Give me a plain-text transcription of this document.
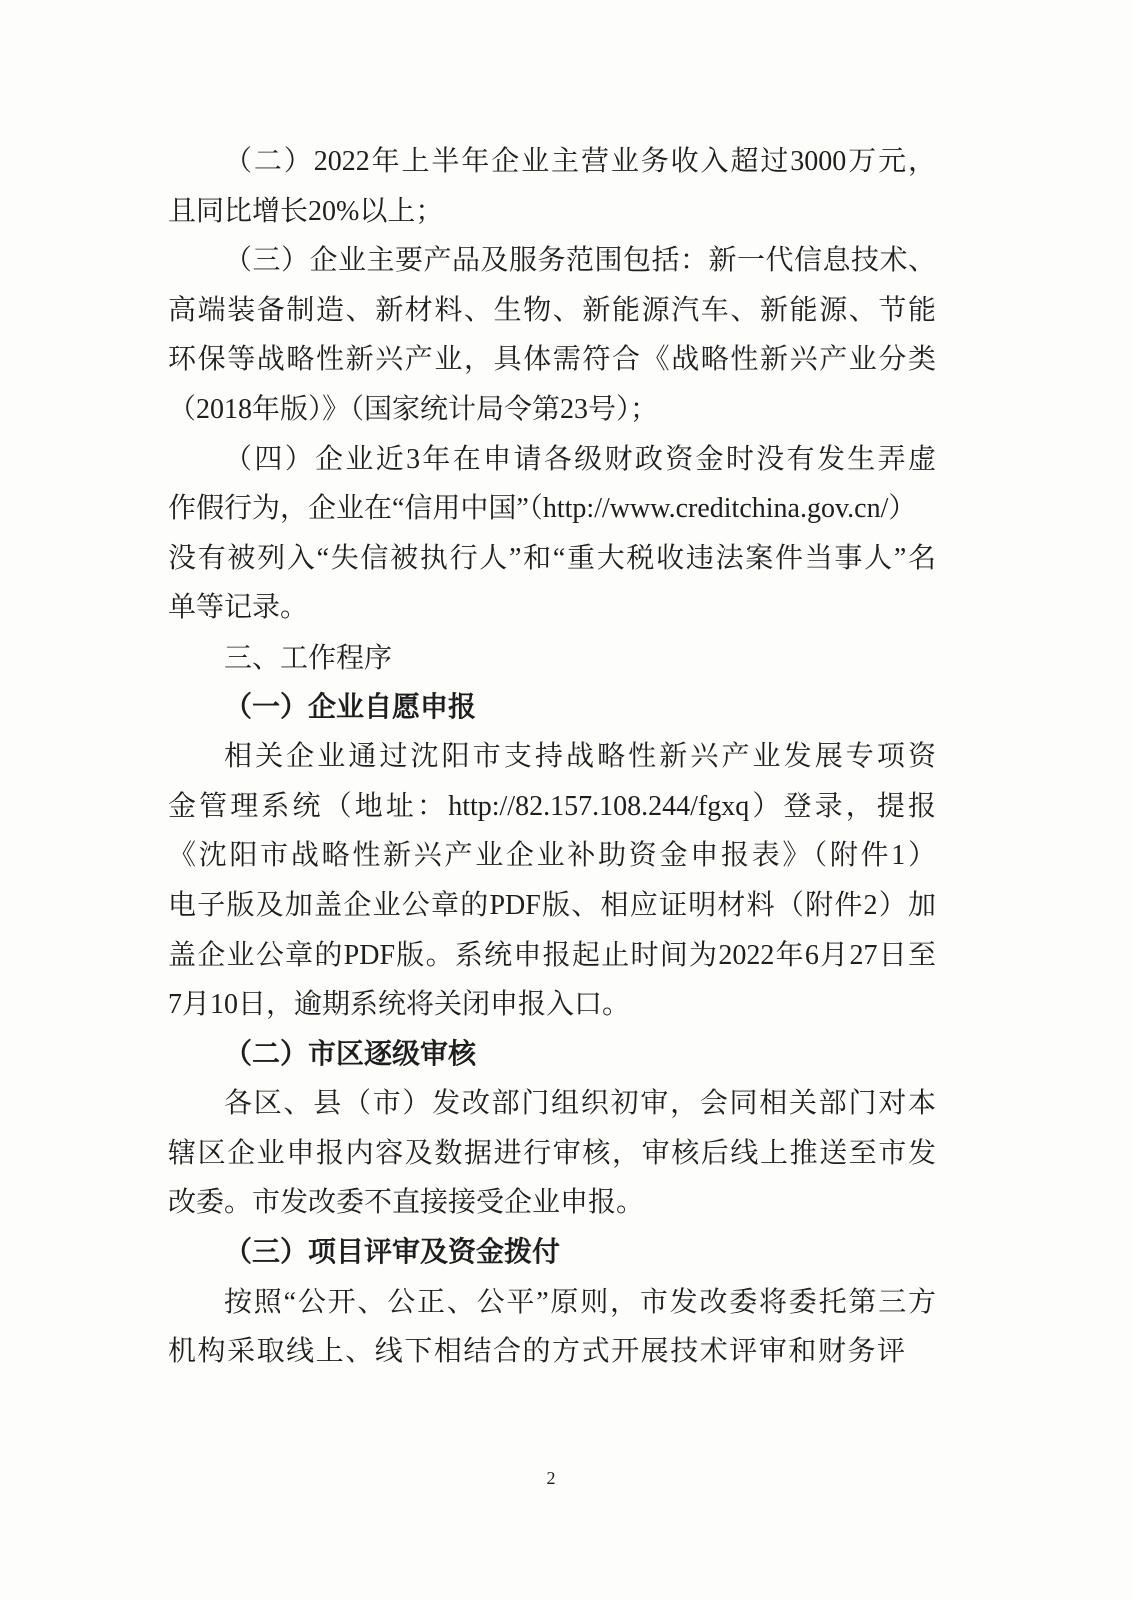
（二）2022年上半年企业主营业务收入超过3000万元，
且同比增长20%以上；
（三）企业主要产品及服务范围包括：新一代信息技术、
高端装备制造、新材料、生物、新能源汽车、新能源、节能
环保等战略性新兴产业，具体需符合《战略性新兴产业分类
（2018年版）》（国家统计局令第23号）；
（四）企业近3年在申请各级财政资金时没有发生弄虚
作假行为，企业在“信用中国”（http://www.creditchina.gov.cn/）
没有被列入“失信被执行人”和“重大税收违法案件当事人”名
单等记录。
三、工作程序
（一）企业自愿申报
相关企业通过沈阳市支持战略性新兴产业发展专项资
金管理系统（地址：http://82.157.108.244/fgxq）登录，提报
《沈阳市战略性新兴产业企业补助资金申报表》（附件1）
电子版及加盖企业公章的PDF版、相应证明材料（附件2）加
盖企业公章的PDF版。系统申报起止时间为2022年6月27日至
7月10日，逾期系统将关闭申报入口。
（二）市区逐级审核
各区、县（市）发改部门组织初审，会同相关部门对本
辖区企业申报内容及数据进行审核，审核后线上推送至市发
改委。市发改委不直接接受企业申报。
（三）项目评审及资金拨付
按照“公开、公正、公平”原则，市发改委将委托第三方
机构采取线上、线下相结合的方式开展技术评审和财务评
2
